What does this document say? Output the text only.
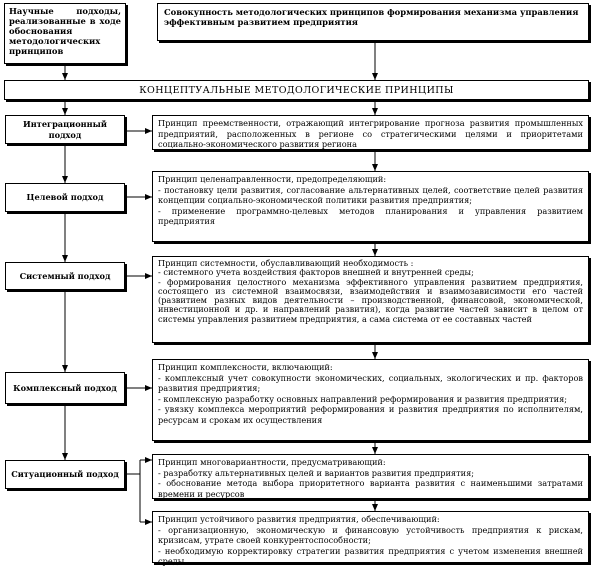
Научные подходы, реализованные в ходе обоснования методологических принципов
Совокупность методологических принципов формирования механизма управления эффективным развитием предприятия
КОНЦЕПТУАЛЬНЫЕ МЕТОДОЛОГИЧЕСКИЕ ПРИНЦИПЫ
Интеграционный подход
Целевой подход
Системный подход
Комплексный подход
Ситуационный подход
Принцип преемственности, отражающий интегрирование прогноза развития промышленных предприятий, расположенных в регионе со стратегическими целями и приоритетами социально-экономического развития региона
Принцип целенаправленности, предопределяющий:
- постановку цели развития, согласование альтернативных целей, соответствие целей развития концепции социально-экономической политики развития предприятия;
- применение программно-целевых методов планирования и управления развитием предприятия
Принцип системности, обуславливающий необходимость :
- системного учета воздействия факторов внешней и внутренней среды;
- формирования целостного механизма эффективного управления развитием предприятия, состоящего из системной взаимосвязи, взаимодействия и взаимозависимости его частей (развитием разных видов деятельности – производственной, финансовой, экономической, инвестиционной и др. и направлений развития), когда развитие частей зависит в целом от системы управления развитием предприятия, а сама система от ее составных частей
Принцип комплексности, включающий:
- комплексный учет совокупности экономических, социальных, экологических и пр. факторов развития предприятия;
- комплексную разработку основных направлений реформирования и развития предприятия;
- увязку комплекса мероприятий реформирования и развития предприятия по исполнителям, ресурсам и срокам их осуществления
Принцип многовариантности, предусматривающий:
- разработку альтернативных целей и вариантов развития предприятия;
- обоснование метода выбора приоритетного варианта развития с наименьшими затратами времени и ресурсов
Принцип устойчивого развития предприятия, обеспечивающий:
- организационную, экономическую и финансовую устойчивость предприятия к рискам, кризисам, утрате своей конкурентоспособности;
- необходимую корректировку стратегии развития предприятия с учетом изменения внешней среды
